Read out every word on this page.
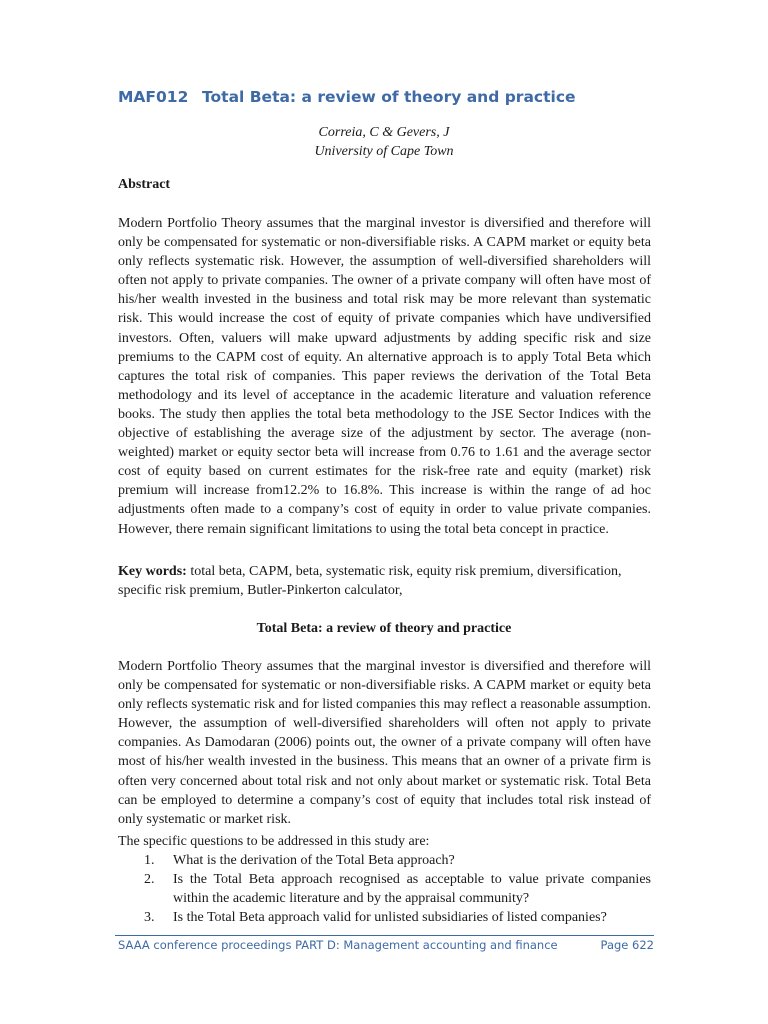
MAF012 Total Beta: a review of theory and practice
Correia, C & Gevers, J
University of Cape Town
Abstract
Modern Portfolio Theory assumes that the marginal investor is diversified and therefore will only be compensated for systematic or non-diversifiable risks. A CAPM market or equity beta only reflects systematic risk. However, the assumption of well-diversified shareholders will often not apply to private companies. The owner of a private company will often have most of his/her wealth invested in the business and total risk may be more relevant than systematic risk. This would increase the cost of equity of private companies which have undiversified investors. Often, valuers will make upward adjustments by adding specific risk and size premiums to the CAPM cost of equity. An alternative approach is to apply Total Beta which captures the total risk of companies. This paper reviews the derivation of the Total Beta methodology and its level of acceptance in the academic literature and valuation reference books. The study then applies the total beta methodology to the JSE Sector Indices with the objective of establishing the average size of the adjustment by sector. The average (non-weighted) market or equity sector beta will increase from 0.76 to 1.61 and the average sector cost of equity based on current estimates for the risk-free rate and equity (market) risk premium will increase from12.2% to 16.8%. This increase is within the range of ad hoc adjustments often made to a company’s cost of equity in order to value private companies. However, there remain significant limitations to using the total beta concept in practice.
Key words: total beta, CAPM, beta, systematic risk, equity risk premium, diversification, specific risk premium, Butler-Pinkerton calculator,
Total Beta: a review of theory and practice
Modern Portfolio Theory assumes that the marginal investor is diversified and therefore will only be compensated for systematic or non-diversifiable risks. A CAPM market or equity beta only reflects systematic risk and for listed companies this may reflect a reasonable assumption. However, the assumption of well-diversified shareholders will often not apply to private companies. As Damodaran (2006) points out, the owner of a private company will often have most of his/her wealth invested in the business. This means that an owner of a private firm is often very concerned about total risk and not only about market or systematic risk. Total Beta can be employed to determine a company’s cost of equity that includes total risk instead of only systematic or market risk.
The specific questions to be addressed in this study are:
1.	What is the derivation of the Total Beta approach?
2.	Is the Total Beta approach recognised as acceptable to value private companies within the academic literature and by the appraisal community?
3.	Is the Total Beta approach valid for unlisted subsidiaries of listed companies?
SAAA conference proceedings PART D: Management accounting and finance	Page 622
